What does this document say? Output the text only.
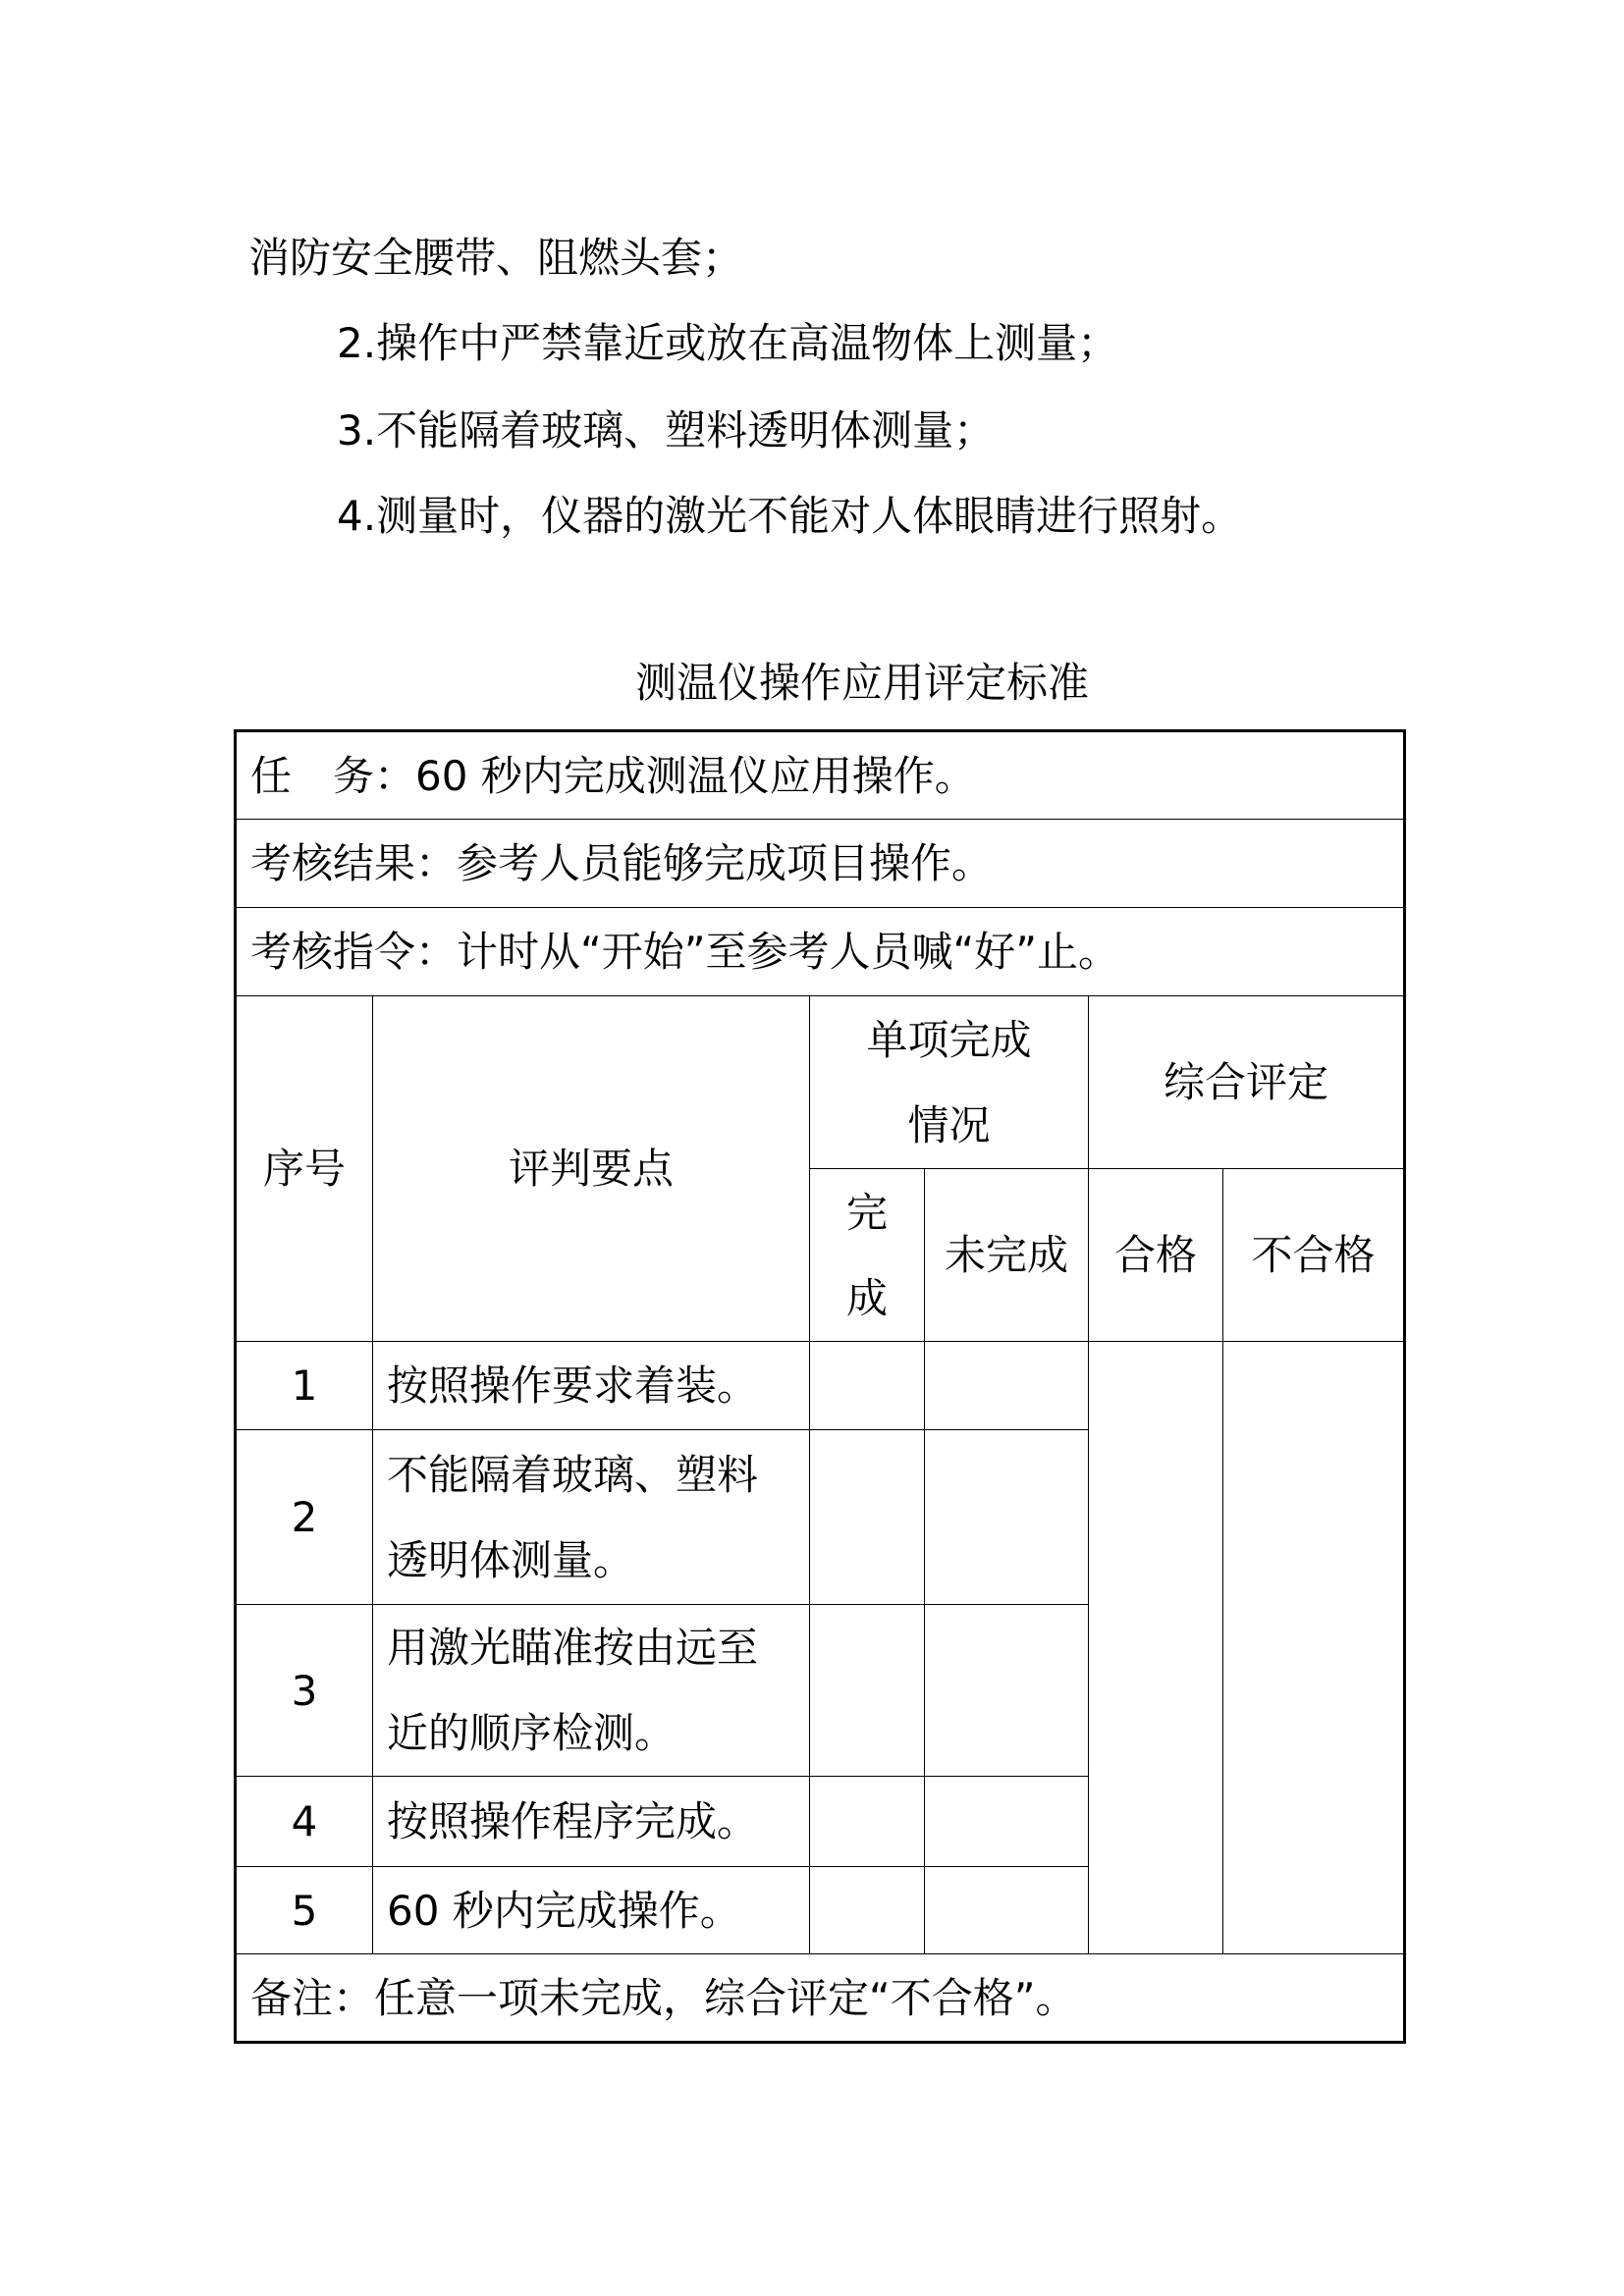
消防安全腰带、阻燃头套；
2.操作中严禁靠近或放在高温物体上测量；
3.不能隔着玻璃、塑料透明体测量；
4.测量时，仪器的激光不能对人体眼睛进行照射。
测温仪操作应用评定标准
任　务：60 秒内完成测温仪应用操作。					
考核结果：参考人员能够完成项目操作。					
考核指令：计时从“开始”至参考人员喊“好”止。					
序号	评判要点	单项完成情况		综合评定	
		完成	未完成	合格	不合格
1	按照操作要求着装。				
2	不能隔着玻璃、塑料透明体测量。				
3	用激光瞄准按由远至近的顺序检测。				
4	按照操作程序完成。				
5	60 秒内完成操作。				
备注：任意一项未完成，综合评定“不合格”。					
